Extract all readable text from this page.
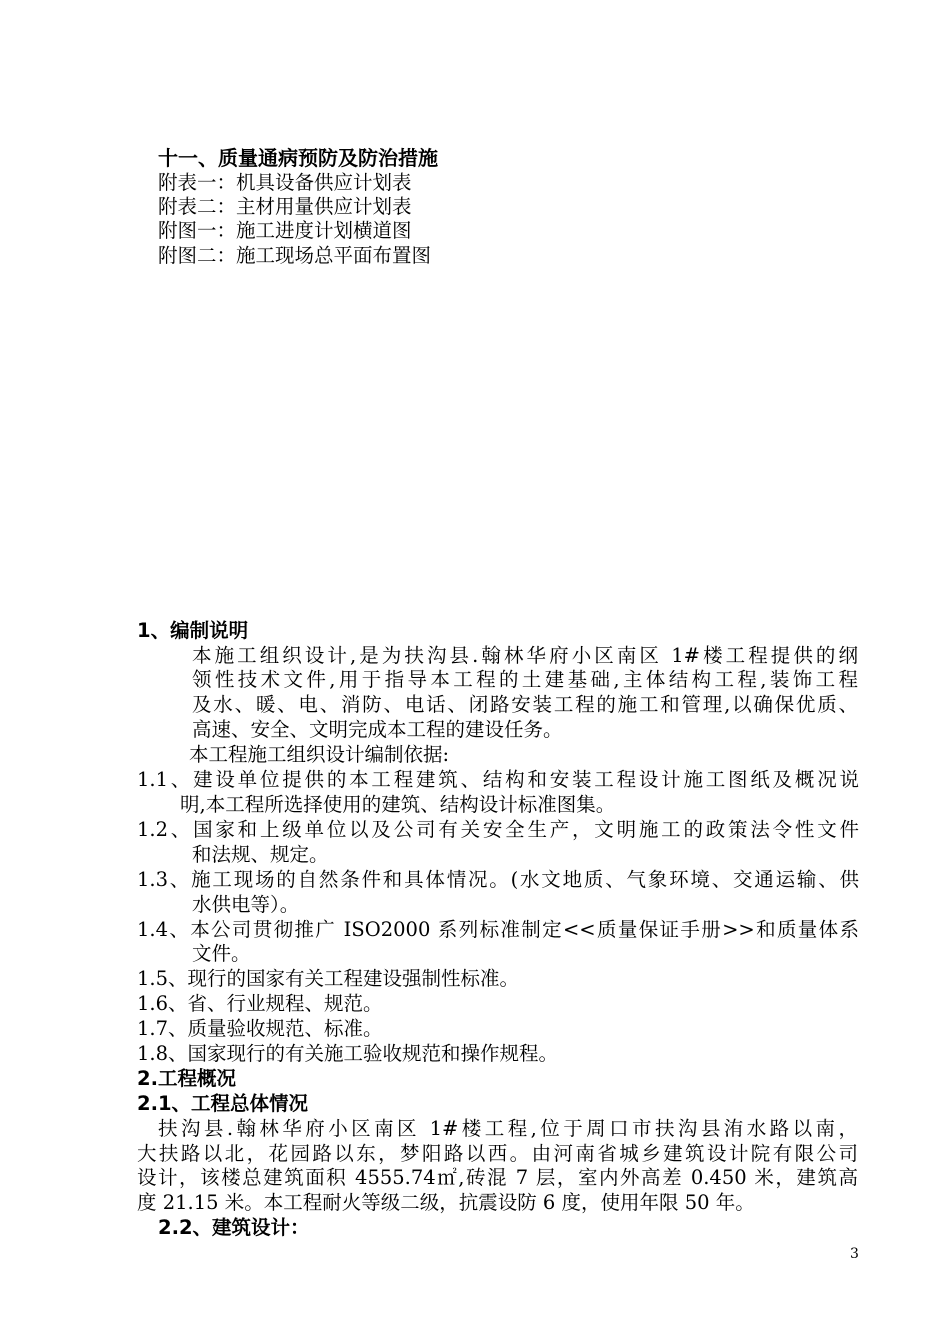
十一、质量通病预防及防治措施
附表一：机具设备供应计划表
附表二：主材用量供应计划表
附图一：施工进度计划横道图
附图二：施工现场总平面布置图
1、编制说明
本施工组织设计,是为扶沟县.翰林华府小区南区 1#楼工程提供的纲
领性技术文件,用于指导本工程的土建基础,主体结构工程,装饰工程
及水、暖、电、消防、电话、闭路安装工程的施工和管理,以确保优质、
高速、安全、文明完成本工程的建设任务。
本工程施工组织设计编制依据:
1.1、建设单位提供的本工程建筑、结构和安装工程设计施工图纸及概况说
明,本工程所选择使用的建筑、结构设计标准图集。
1.2、国家和上级单位以及公司有关安全生产，文明施工的政策法令性文件
和法规、规定。
1.3、施工现场的自然条件和具体情况。(水文地质、气象环境、交通运输、供
水供电等）。
1.4、本公司贯彻推广 ISO2000 系列标准制定<<质量保证手册>>和质量体系
文件。
1.5、现行的国家有关工程建设强制性标准。
1.6、省、行业规程、规范。
1.7、质量验收规范、标准。
1.8、国家现行的有关施工验收规范和操作规程。
2.工程概况
2.1、工程总体情况
扶沟县.翰林华府小区南区 1#楼工程,位于周口市扶沟县洧水路以南，
大扶路以北，花园路以东，梦阳路以西。由河南省城乡建筑设计院有限公司
设计，该楼总建筑面积 4555.74㎡,砖混 7 层，室内外高差 0.450 米，建筑高
度 21.15 米。本工程耐火等级二级，抗震设防 6 度，使用年限 50 年。
2.2、建筑设计：
3
